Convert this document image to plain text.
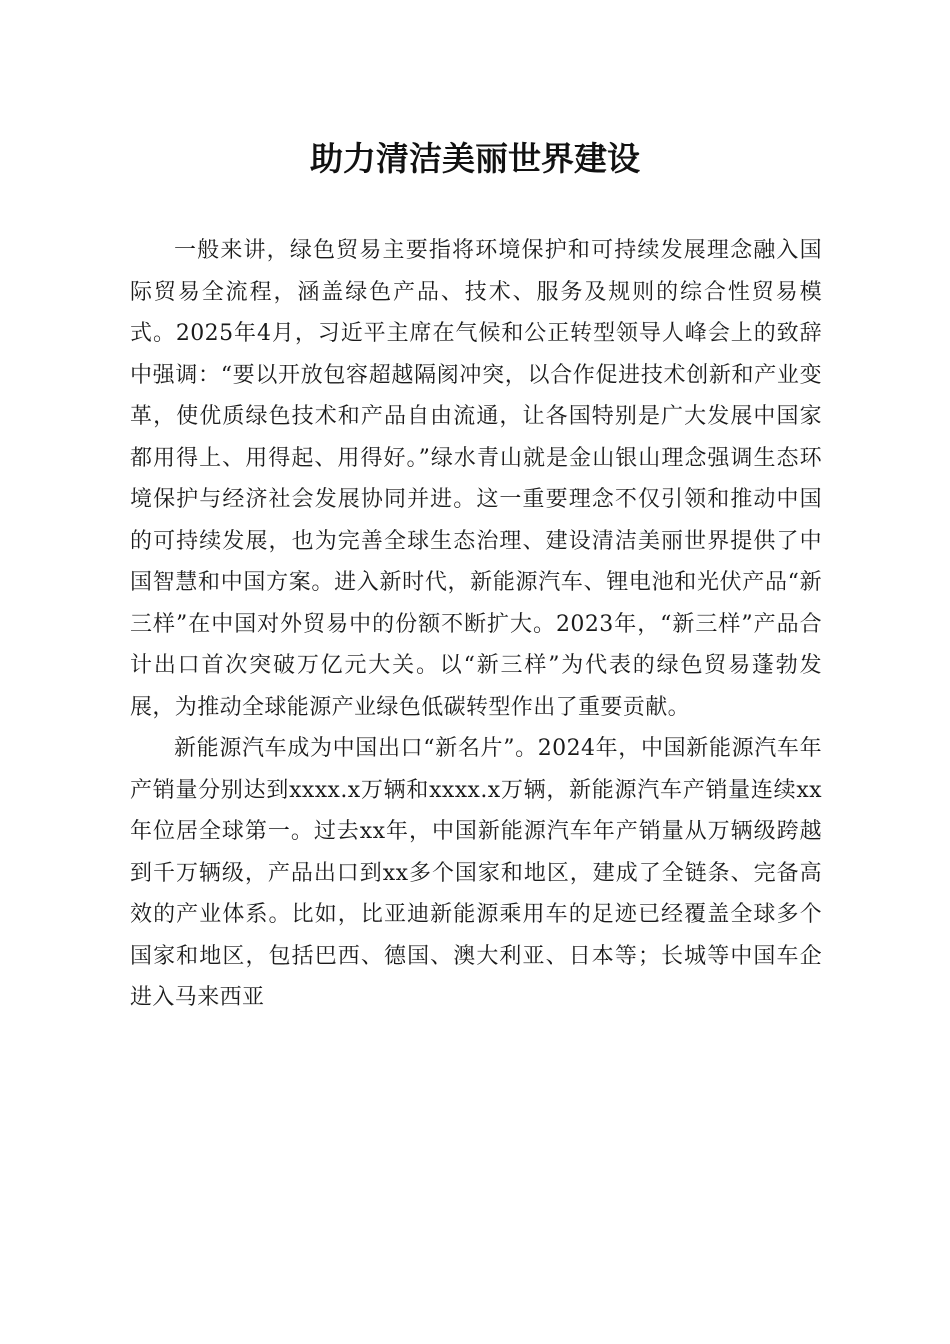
助力清洁美丽世界建设

一般来讲，绿色贸易主要指将环境保护和可持续发展理念融入国际贸易全流程，涵盖绿色产品、技术、服务及规则的综合性贸易模式。2025年4月，习近平主席在气候和公正转型领导人峰会上的致辞中强调：“要以开放包容超越隔阂冲突，以合作促进技术创新和产业变革，使优质绿色技术和产品自由流通，让各国特别是广大发展中国家都用得上、用得起、用得好。”绿水青山就是金山银山理念强调生态环境保护与经济社会发展协同并进。这一重要理念不仅引领和推动中国的可持续发展，也为完善全球生态治理、建设清洁美丽世界提供了中国智慧和中国方案。进入新时代，新能源汽车、锂电池和光伏产品“新三样”在中国对外贸易中的份额不断扩大。2023年，“新三样”产品合计出口首次突破万亿元大关。以“新三样”为代表的绿色贸易蓬勃发展，为推动全球能源产业绿色低碳转型作出了重要贡献。

新能源汽车成为中国出口“新名片”。2024年，中国新能源汽车年产销量分别达到xxxx.x万辆和xxxx.x万辆，新能源汽车产销量连续xx年位居全球第一。过去xx年，中国新能源汽车年产销量从万辆级跨越到千万辆级，产品出口到xx多个国家和地区，建成了全链条、完备高效的产业体系。比如，比亚迪新能源乘用车的足迹已经覆盖全球多个国家和地区，包括巴西、德国、澳大利亚、日本等；长城等中国车企进入马来西亚
